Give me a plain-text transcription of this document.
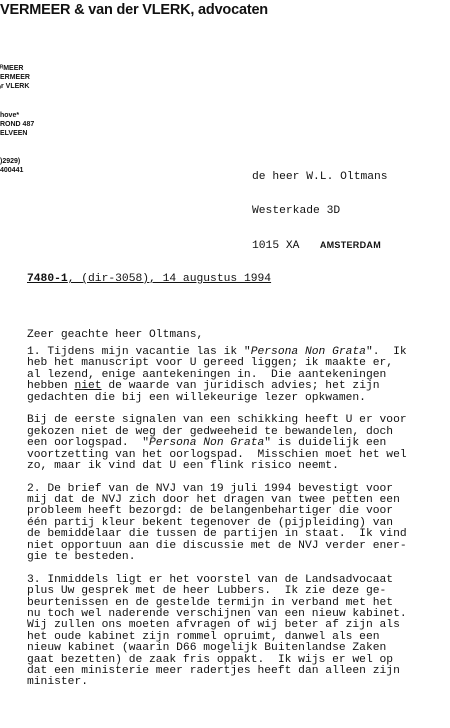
VERMEER & van der VLERK, advocaten
ᴿMEER
ERMEER
ᵢr VLERK
hove*
ROND 487
ELVEEN
)2929)
400441

de heer W.L. Oltmans

Westerkade 3D

1015 XA AMSTERDAM

7480-1, (dir-3058), 14 augustus 1994
Zeer geachte heer Oltmans,
1. Tijdens mijn vacantie las ik "Persona Non Grata".  Ik
heb het manuscript voor U gereed liggen; ik maakte er,
al lezend, enige aantekeningen in.  Die aantekeningen
hebben niet de waarde van juridisch advies; het zijn
gedachten die bij een willekeurige lezer opkwamen.
Bij de eerste signalen van een schikking heeft U er voor
gekozen niet de weg der gedweeheid te bewandelen, doch
een oorlogspad.  "Persona Non Grata" is duidelijk een
voortzetting van het oorlogspad.  Misschien moet het wel
zo, maar ik vind dat U een flink risico neemt.
2. De brief van de NVJ van 19 juli 1994 bevestigt voor
mij dat de NVJ zich door het dragen van twee petten een
probleem heeft bezorgd: de belangenbehartiger die voor
één partij kleur bekent tegenover de (pijpleiding) van
de bemiddelaar die tussen de partijen in staat.  Ik vind
niet opportuun aan die discussie met de NVJ verder ener-
gie te besteden.
3. Inmiddels ligt er het voorstel van de Landsadvocaat
plus Uw gesprek met de heer Lubbers.  Ik zie deze ge-
beurtenissen en de gestelde termijn in verband met het
nu toch wel naderende verschijnen van een nieuw kabinet.
Wij zullen ons moeten afvragen of wij beter af zijn als
het oude kabinet zijn rommel opruimt, danwel als een
nieuw kabinet (waarin D66 mogelijk Buitenlandse Zaken
gaat bezetten) de zaak fris oppakt.  Ik wijs er wel op
dat een ministerie meer radertjes heeft dan alleen zijn
minister.
